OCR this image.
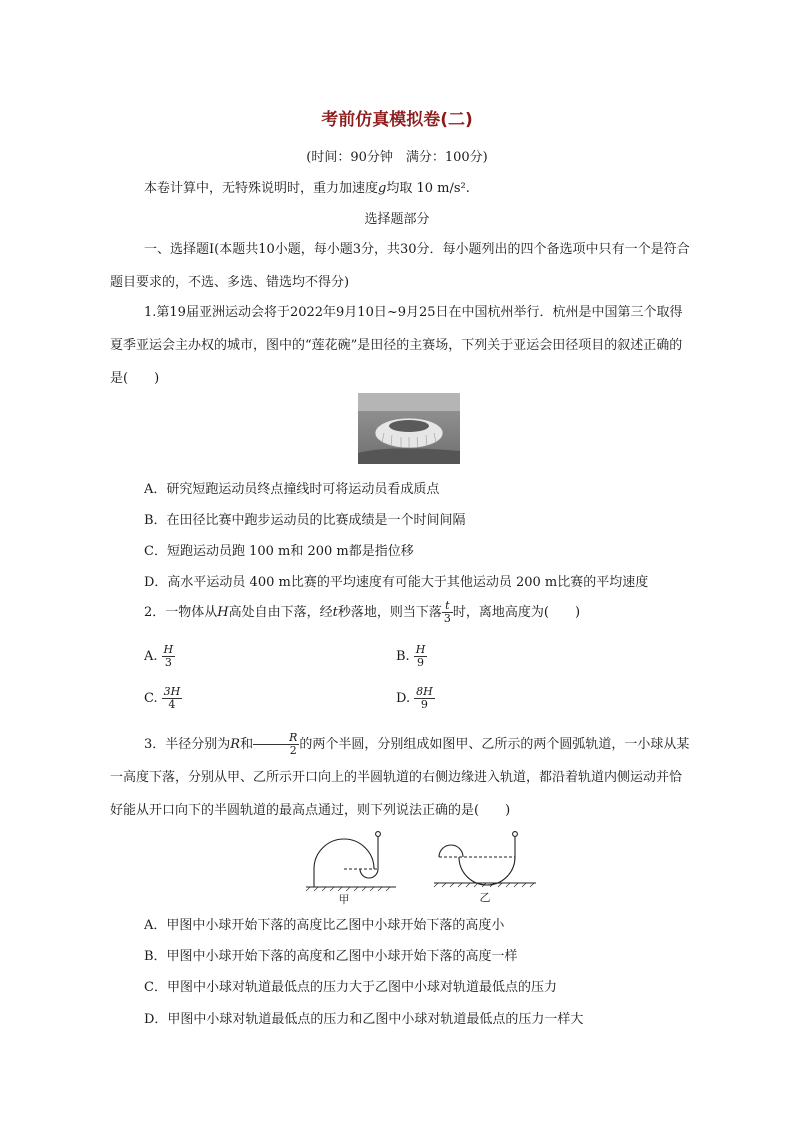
考前仿真模拟卷(二)
(时间：90分钟　满分：100分)
本卷计算中，无特殊说明时，重力加速度g均取 10 m/s².
选择题部分
一、选择题Ⅰ(本题共10小题，每小题3分，共30分．每小题列出的四个备选项中只有一个是符合题目要求的，不选、多选、错选均不得分)
1.第19届亚洲运动会将于2022年9月10日~9月25日在中国杭州举行．杭州是中国第三个取得夏季亚运会主办权的城市，图中的“莲花碗”是田径的主赛场，下列关于亚运会田径项目的叙述正确的是(　　)
A．研究短跑运动员终点撞线时可将运动员看成质点
B．在田径比赛中跑步运动员的比赛成绩是一个时间间隔
C．短跑运动员跑 100 m和 200 m都是指位移
D．高水平运动员 400 m比赛的平均速度有可能大于其他运动员 200 m比赛的平均速度
2．一物体从H高处自由下落，经t秒落地，则当下落 $\frac{t}{3}$ 时，离地高度为(　　)
A. $\frac{H}{3}$	B. $\frac{H}{9}$
C. $\frac{3H}{4}$	D. $\frac{8H}{9}$
3．半径分别为R和 $\frac{R}{2}$ 的两个半圆，分别组成如图甲、乙所示的两个圆弧轨道，一小球从某一高度下落，分别从甲、乙所示开口向上的半圆轨道的右侧边缘进入轨道，都沿着轨道内侧运动并恰好能从开口向下的半圆轨道的最高点通过，则下列说法正确的是(　　)
甲	乙
A．甲图中小球开始下落的高度比乙图中小球开始下落的高度小
B．甲图中小球开始下落的高度和乙图中小球开始下落的高度一样
C．甲图中小球对轨道最低点的压力大于乙图中小球对轨道最低点的压力
D．甲图中小球对轨道最低点的压力和乙图中小球对轨道最低点的压力一样大
